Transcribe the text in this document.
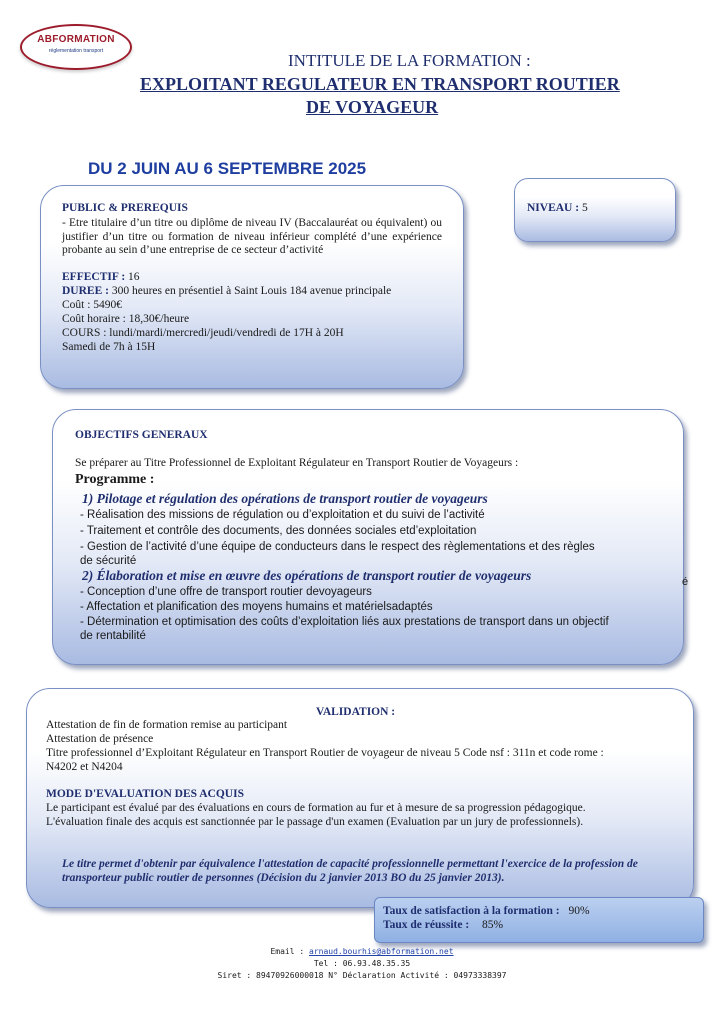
ABFORMATION
réglementation transport	INTITULE DE LA FORMATION :
EXPLOITANT REGULATEUR EN TRANSPORT ROUTIER
DE VOYAGEUR
DU 2 JUIN AU 6 SEPTEMBRE 2025
PUBLIC & PREREQUIS
- Etre titulaire d’un titre ou diplôme de niveau IV (Baccalauréat ou équivalent) ou justifier d’un titre ou formation de niveau inférieur complété d’une expérience probante au sein d’une entreprise de ce secteur d’activité
EFFECTIF : 16
DUREE : 300 heures en présentiel à Saint Louis 184 avenue principale
Coût : 5490€
Coût horaire : 18,30€/heure
COURS : lundi/mardi/mercredi/jeudi/vendredi de 17H à 20H
Samedi de 7h à 15H
NIVEAU : 5
OBJECTIFS GENERAUX
Se préparer au Titre Professionnel de Exploitant Régulateur en Transport Routier de Voyageurs :
Programme :
1) Pilotage et régulation des opérations de transport routier de voyageurs
- Réalisation des missions de régulation ou d’exploitation et du suivi de l’activité
- Traitement et contrôle des documents, des données sociales etd’exploitation
- Gestion de l’activité d’une équipe de conducteurs dans le respect des règlementations et des règles de sécurité
2) Élaboration et mise en œuvre des opérations de transport routier de voyageurs
- Conception d’une offre de transport routier devoyageurs
- Affectation et planification des moyens humains et matérielsadaptés
- Détermination et optimisation des coûts d’exploitation liés aux prestations de transport dans un objectif de rentabilité
é
VALIDATION :
Attestation de fin de formation remise au participant
Attestation de présence
Titre professionnel d’Exploitant Régulateur en Transport Routier de voyageur de niveau 5 Code nsf : 311n et code rome : N4202 et N4204
MODE D'EVALUATION DES ACQUIS
Le participant est évalué par des évaluations en cours de formation au fur et à mesure de sa progression pédagogique.
L'évaluation finale des acquis est sanctionnée par le passage d'un examen (Evaluation par un jury de professionnels).
Le titre permet d'obtenir par équivalence l'attestation de capacité professionnelle permettant l'exercice de la profession de transporteur public routier de personnes (Décision du 2 janvier 2013 BO du 25 janvier 2013).
Taux de satisfaction à la formation : 90%
Taux de réussite : 85%
Email : arnaud.bourhis@abformation.net
Tel : 06.93.48.35.35
Siret : 89470926000018 N° Déclaration Activité : 04973338397
